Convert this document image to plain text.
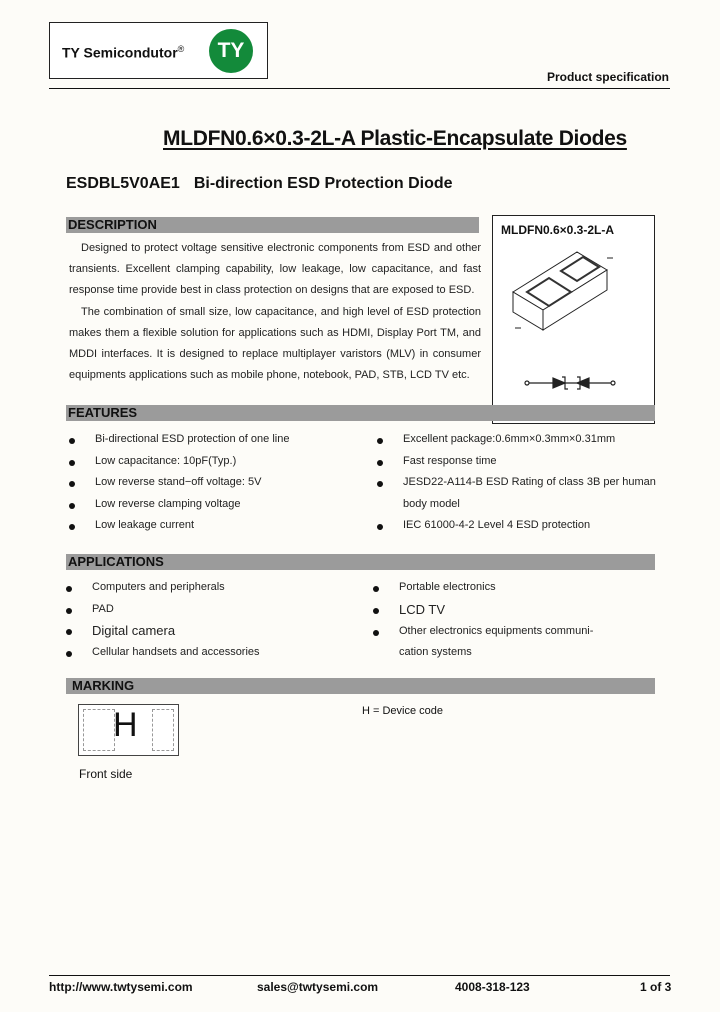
TY Semicondutor®	TY
Product specification
MLDFN0.6×0.3-2L-A Plastic-Encapsulate Diodes
ESDBL5V0AE1 Bi-direction ESD Protection Diode
DESCRIPTION

Designed to protect voltage sensitive electronic components from ESD and other transients. Excellent clamping capability, low leakage, low capacitance, and fast response time provide best in class protection on designs that are exposed to ESD.

The combination of small size, low capacitance, and high level of ESD protection makes them a flexible solution for applications such as HDMI, Display Port TM, and MDDI interfaces. It is designed to replace multiplayer varistors (MLV) in consumer equipments applications such as mobile phone, notebook, PAD, STB, LCD TV etc.

MLDFN0.6×0.3-2L-A
FEATURES
Bi-directional ESD protection of one line
Low capacitance: 10pF(Typ.)
Low reverse stand−off voltage: 5V
Low reverse clamping voltage
Low leakage current
Excellent package:0.6mm×0.3mm×0.31mm
Fast response time
JESD22-A114-B ESD Rating of class 3B per human
body model
IEC 61000-4-2 Level 4 ESD protection
APPLICATIONS
Computers and peripherals
PAD
Digital camera
Cellular handsets and accessories
Portable electronics
LCD TV
Other electronics equipments communi-
cation systems
MARKING
H
Front side
H = Device code
http://www.twtysemi.com	sales@twtysemi.com	4008-318-123	1 of 3
